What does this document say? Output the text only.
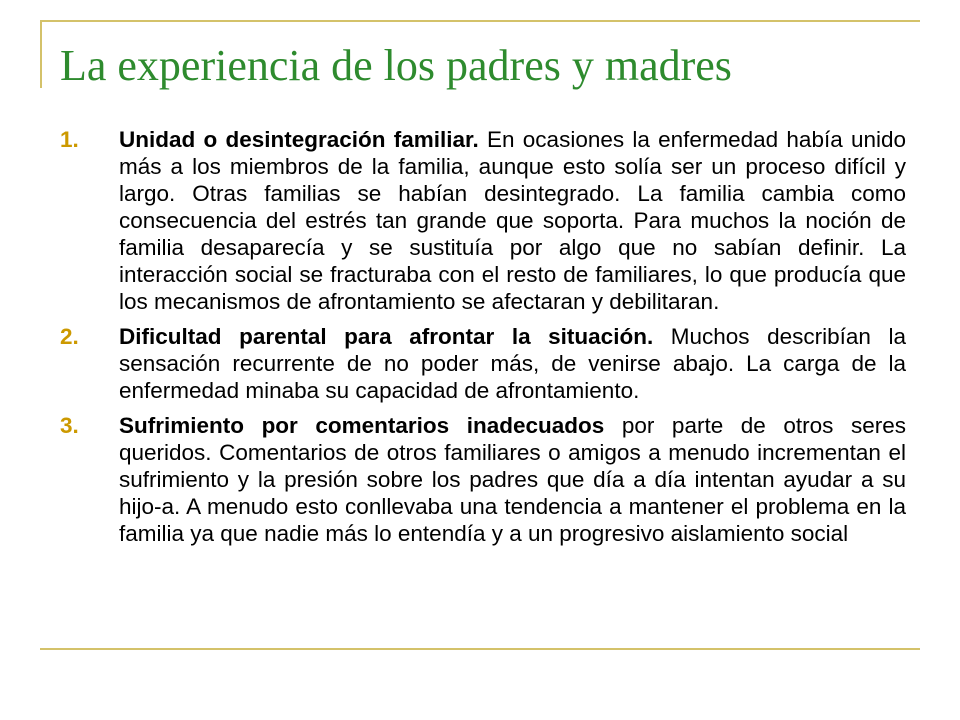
La experiencia de los padres y madres
1. Unidad o desintegración familiar. En ocasiones la enfermedad había unido más a los miembros de la familia, aunque esto solía ser un proceso difícil y largo. Otras familias se habían desintegrado. La familia cambia como consecuencia del estrés tan grande que soporta. Para muchos la noción de familia desaparecía y se sustituía por algo que no sabían definir. La interacción social se fracturaba con el resto de familiares, lo que producía que los mecanismos de afrontamiento se afectaran y debilitaran.
2. Dificultad parental para afrontar la situación. Muchos describían la sensación recurrente de no poder más, de venirse abajo. La carga de la enfermedad minaba su capacidad de afrontamiento.
3. Sufrimiento por comentarios inadecuados por parte de otros seres queridos. Comentarios de otros familiares o amigos a menudo incrementan el sufrimiento y la presión sobre los padres que día a día intentan ayudar a su hijo-a. A menudo esto conllevaba una tendencia a mantener el problema en la familia ya que nadie más lo entendía y a un progresivo aislamiento social
